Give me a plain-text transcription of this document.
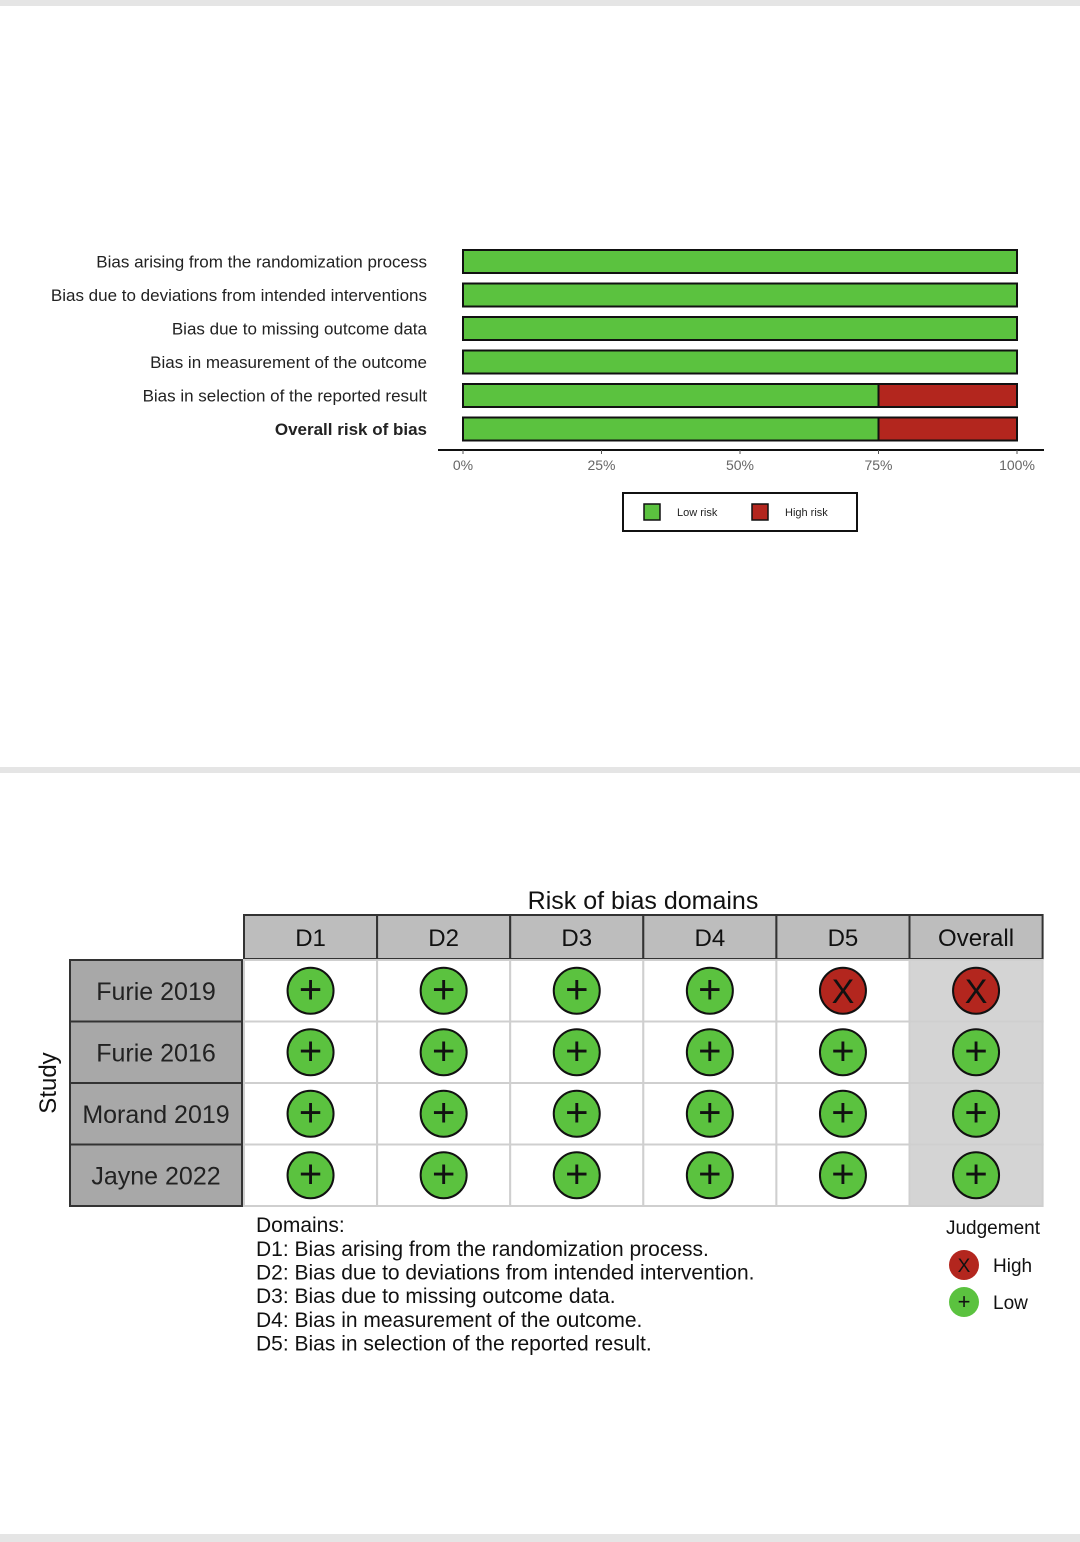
Bias arising from the randomization process
Bias due to deviations from intended interventions
Bias due to missing outcome data
Bias in measurement of the outcome
Bias in selection of the reported result
Overall risk of bias
0%	25%	50%	75%	100%
Low risk	High risk
Risk of bias domains
D1	D2	D3	D4	D5	Overall
Furie 2019 +	+	+	+	X	X
Furie 2016 +	+	+	+	+	+
Morand 2019 +	+	+	+	+	+
Jayne 2022 +	+	+	+	+	+
Study
Domains:
D1: Bias arising from the randomization process.
D2: Bias due to deviations from intended intervention.
D3: Bias due to missing outcome data.
D4: Bias in measurement of the outcome.
D5: Bias in selection of the reported result.
Judgement
X High
+ Low
